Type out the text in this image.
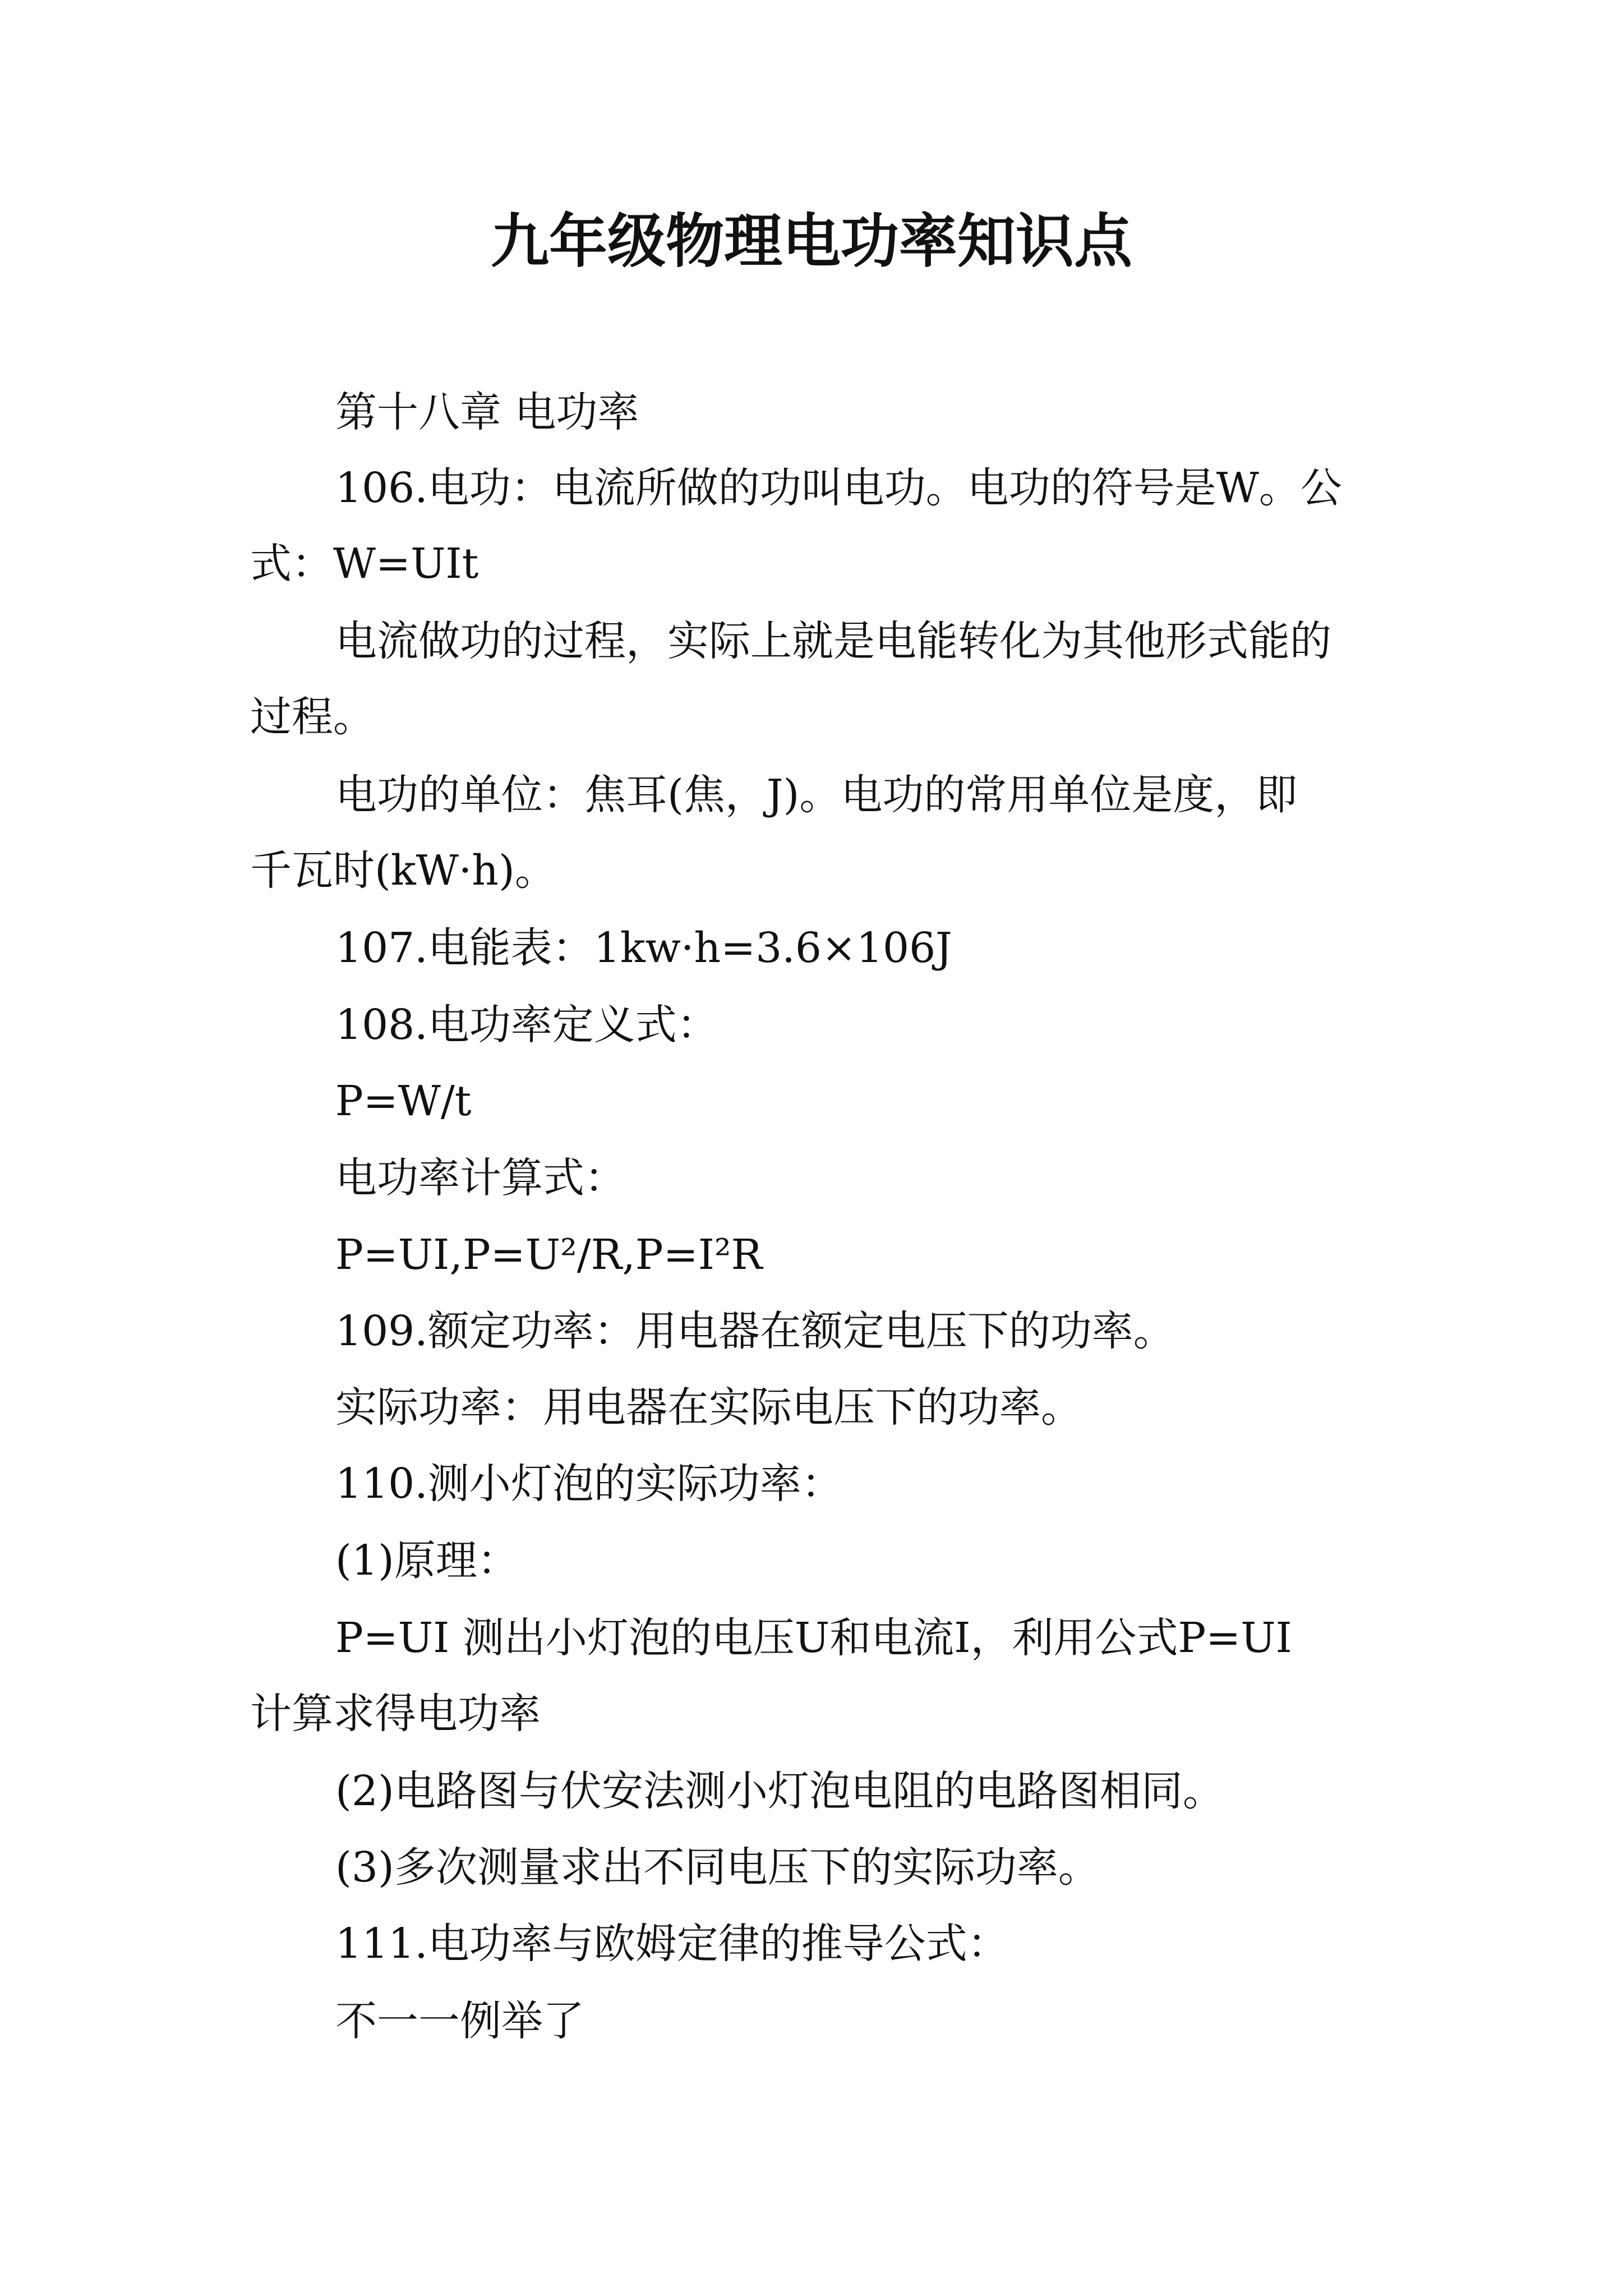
九年级物理电功率知识点

第十八章 电功率

106.电功：电流所做的功叫电功。电功的符号是W。公

式：W=UIt

电流做功的过程，实际上就是电能转化为其他形式能的

过程。

电功的单位：焦耳(焦，J)。电功的常用单位是度，即

千瓦时(kW·h)。

107.电能表：1kw·h=3.6×106J

108.电功率定义式：

P=W/t

电功率计算式：

P=UI,P=U²/R,P=I²R

109.额定功率：用电器在额定电压下的功率。

实际功率：用电器在实际电压下的功率。

110.测小灯泡的实际功率：

(1)原理：

P=UI 测出小灯泡的电压U和电流I，利用公式P=UI

计算求得电功率

(2)电路图与伏安法测小灯泡电阻的电路图相同。

(3)多次测量求出不同电压下的实际功率。

111.电功率与欧姆定律的推导公式：

不一一例举了
